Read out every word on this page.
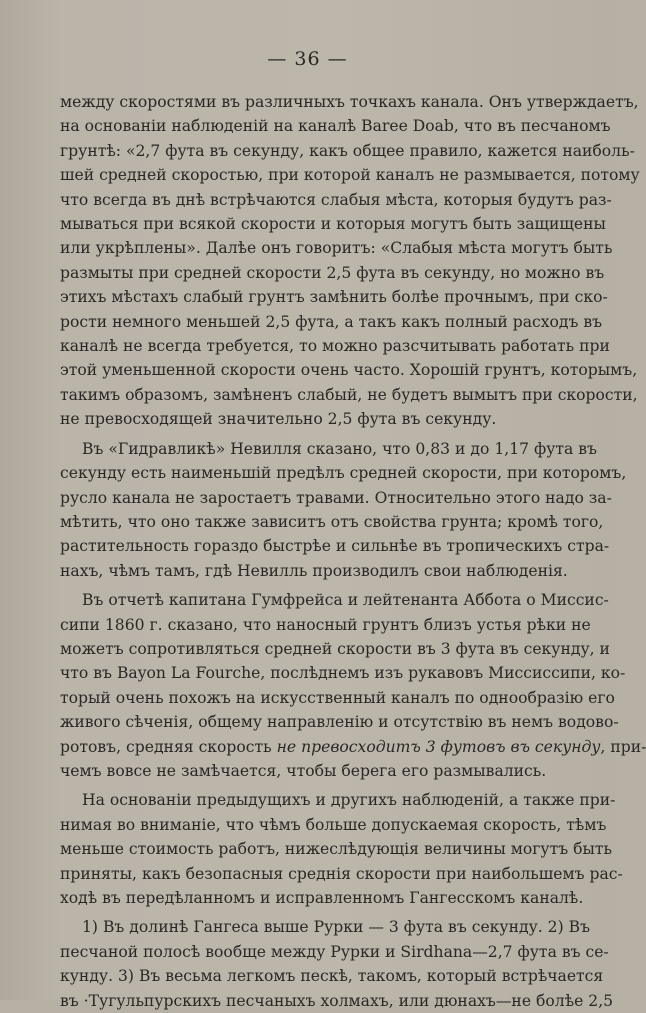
— 36 —
между скоростями въ различныхъ точкахъ канала. Онъ утверждаетъ,
на основаніи наблюденій на каналѣ Baree Doab, что въ песчаномъ
грунтѣ: «2,7 фута въ секунду, какъ общее правило, кажется наиболь-
шей средней скоростью, при которой каналъ не размывается, потому
что всегда въ днѣ встрѣчаются слабыя мѣста, которыя будутъ раз-
мываться при всякой скорости и которыя могутъ быть защищены
или укрѣплены». Далѣе онъ говоритъ: «Слабыя мѣста могутъ быть
размыты при средней скорости 2,5 фута въ секунду, но можно въ
этихъ мѣстахъ слабый грунтъ замѣнить болѣе прочнымъ, при ско-
рости немного меньшей 2,5 фута, а такъ какъ полный расходъ въ
каналѣ не всегда требуется, то можно разсчитывать работать при
этой уменьшенной скорости очень часто. Хорошій грунтъ, которымъ,
такимъ образомъ, замѣненъ слабый, не будетъ вымытъ при скорости,
не превосходящей значительно 2,5 фута въ секунду.
Въ «Гидравликѣ» Невилля сказано, что 0,83 и до 1,17 фута въ
секунду есть наименьшій предѣлъ средней скорости, при которомъ,
русло канала не заростаетъ травами. Относительно этого надо за-
мѣтить, что оно также зависитъ отъ свойства грунта; кромѣ того,
растительность гораздо быстрѣе и сильнѣе въ тропическихъ стра-
нахъ, чѣмъ тамъ, гдѣ Невилль производилъ свои наблюденія.
Въ отчетѣ капитана Гумфрейса и лейтенанта Аббота о Миссис-
сипи 1860 г. сказано, что наносный грунтъ близъ устья рѣки не
можетъ сопротивляться средней скорости въ 3 фута въ секунду, и
что въ Bayon La Fourche, послѣднемъ изъ рукавовъ Миссиссипи, ко-
торый очень похожъ на искусственный каналъ по однообразію его
живого сѣченія, общему направленію и отсутствію въ немъ водово-
ротовъ, средняя скорость не превосходитъ 3 футовъ въ секунду, при-
чемъ вовсе не замѣчается, чтобы берега его размывались.
На основаніи предыдущихъ и другихъ наблюденій, а также при-
нимая во вниманіе, что чѣмъ больше допускаемая скорость, тѣмъ
меньше стоимость работъ, нижеслѣдующія величины могутъ быть
приняты, какъ безопасныя среднія скорости при наибольшемъ рас-
ходѣ въ передѣланномъ и исправленномъ Гангесскомъ каналѣ.
1) Въ долинѣ Гангеса выше Рурки — 3 фута въ секунду. 2) Въ
песчаной полосѣ вообще между Рурки и Sirdhana—2,7 фута въ се-
кунду. 3) Въ весьма легкомъ пескѣ, такомъ, который встрѣчается
въ ·Тугульпурскихъ песчаныхъ холмахъ, или дюнахъ—не болѣе 2,5
